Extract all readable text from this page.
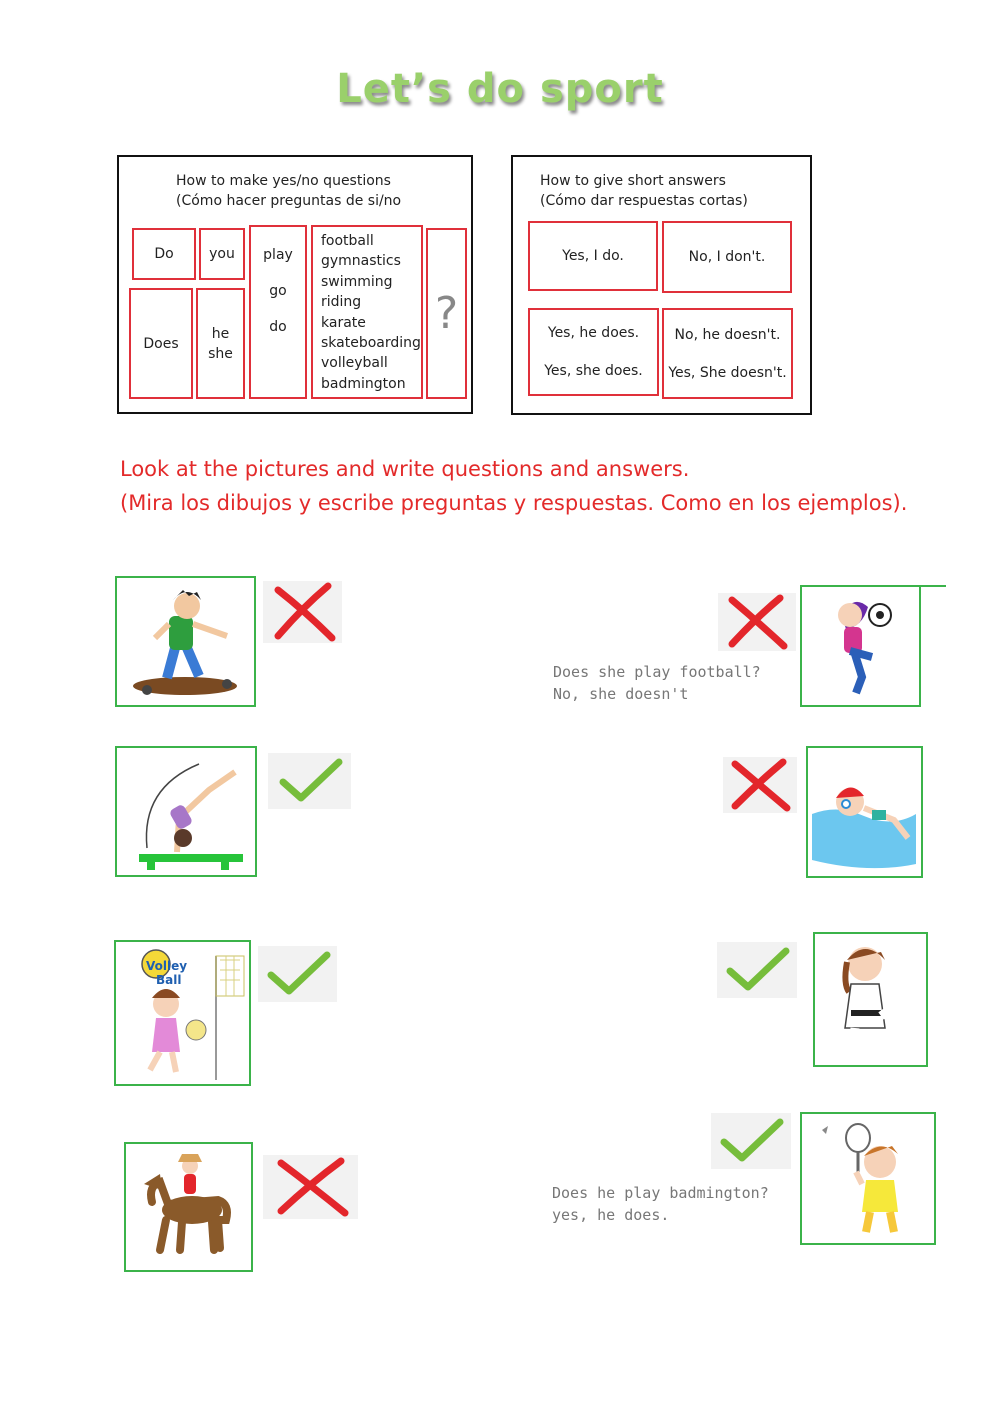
Let’s do sport
How to make yes/no questions
(Cómo hacer preguntas de si/no
Do	you
Does
he
she
play
go
do
football
gymnastics
swimming
riding
karate
skateboarding
volleyball
badmington
?
How to give short answers
(Cómo dar respuestas cortas)
Yes, I do.	No, I don't.
Yes, he does.
Yes, she does.
No, he doesn't.
Yes, She doesn't.
Look at the pictures and write questions and answers.
(Mira los dibujos y escribe preguntas y respuestas. Como en los ejemplos).
Does she play football?
No, she doesn't
Volley
Ball
Does he play badmington?
yes, he does.
